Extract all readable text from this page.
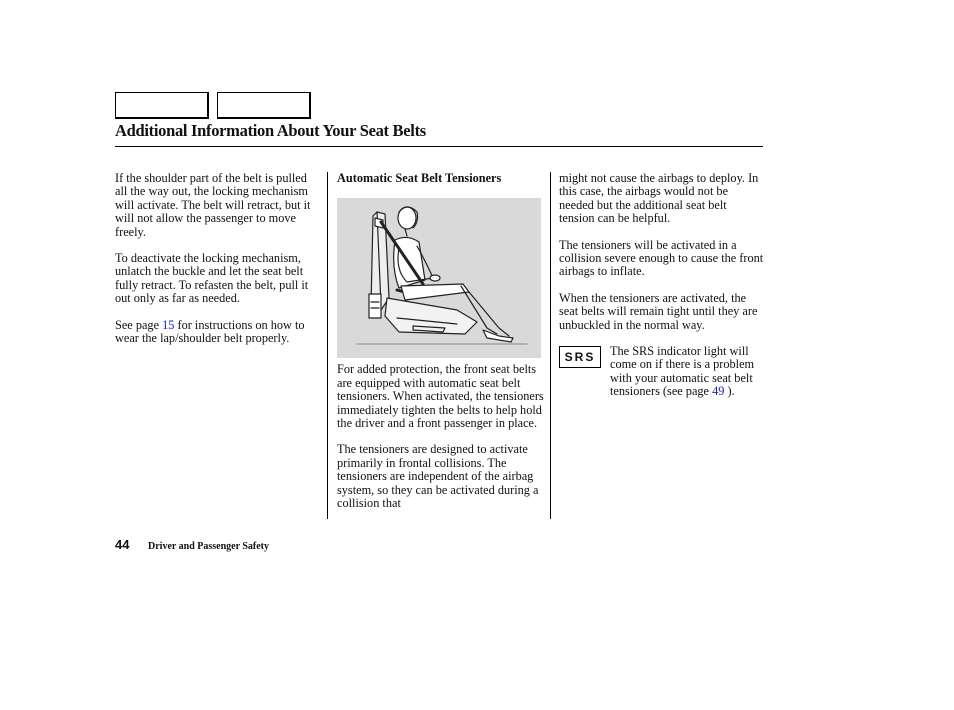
Additional Information About Your Seat Belts

If the shoulder part of the belt is pulled all the way out, the locking mechanism will activate. The belt will retract, but it will not allow the passenger to move freely.

To deactivate the locking mechanism, unlatch the buckle and let the seat belt fully retract. To refasten the belt, pull it out only as far as needed.

See page 15 for instructions on how to wear the lap/shoulder belt properly.

Automatic Seat Belt Tensioners

For added protection, the front seat belts are equipped with automatic seat belt tensioners. When activated, the tensioners immediately tighten the belts to help hold the driver and a front passenger in place.

The tensioners are designed to activate primarily in frontal collisions. The tensioners are independent of the airbag system, so they can be activated during a collision that

might not cause the airbags to deploy. In this case, the airbags would not be needed but the additional seat belt tension can be helpful.

The tensioners will be activated in a collision severe enough to cause the front airbags to inflate.

When the tensioners are activated, the seat belts will remain tight until they are unbuckled in the normal way.

SRS	The SRS indicator light will come on if there is a problem with your automatic seat belt tensioners (see page 49 ).

44 Driver and Passenger Safety
